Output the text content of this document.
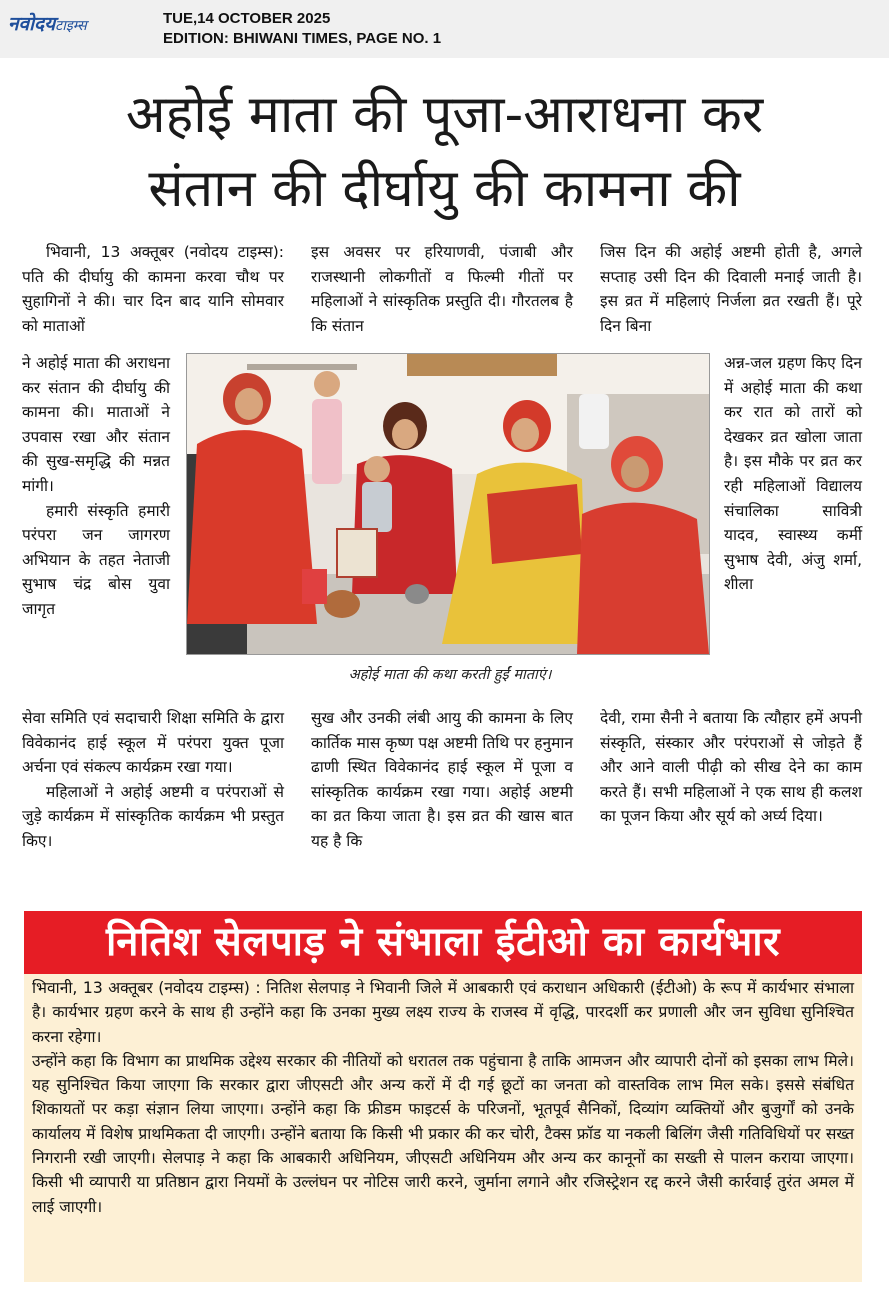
नवोदयटाइम्स	TUE,14 OCTOBER 2025
EDITION: BHIWANI TIMES, PAGE NO. 1
अहोई माता की पूजा-आराधना कर
संतान की दीर्घायु की कामना की

भिवानी, 13 अक्तूबर (नवोदय टाइम्स): पति की दीर्घायु की कामना करवा चौथ पर सुहागिनों ने की। चार दिन बाद यानि सोमवार को माताओं

ने अहोई माता की अराधना कर संतान की दीर्घायु की कामना की। माताओं ने उपवास रखा और संतान की सुख-समृद्धि की मन्नत मांगी।

हमारी संस्कृति हमारी परंपरा जन जागरण अभियान के तहत नेताजी सुभाष चंद्र बोस युवा जागृत

सेवा समिति एवं सदाचारी शिक्षा समिति के द्वारा विवेकानंद हाई स्कूल में परंपरा युक्त पूजा अर्चना एवं संकल्प कार्यक्रम रखा गया।

महिलाओं ने अहोई अष्टमी व परंपराओं से जुड़े कार्यक्रम में सांस्कृतिक कार्यक्रम भी प्रस्तुत किए।

इस अवसर पर हरियाणवी, पंजाबी और राजस्थानी लोकगीतों व फिल्मी गीतों पर महिलाओं ने सांस्कृतिक प्रस्तुति दी। गौरतलब है कि संतान

सुख और उनकी लंबी आयु की कामना के लिए कार्तिक मास कृष्ण पक्ष अष्टमी तिथि पर हनुमान ढाणी स्थित विवेकानंद हाई स्कूल में पूजा व सांस्कृतिक कार्यक्रम रखा गया। अहोई अष्टमी का व्रत किया जाता है। इस व्रत की खास बात यह है कि

जिस दिन की अहोई अष्टमी होती है, अगले सप्ताह उसी दिन की दिवाली मनाई जाती है। इस व्रत में महिलाएं निर्जला व्रत रखती हैं। पूरे दिन बिना

अन्न-जल ग्रहण किए दिन में अहोई माता की कथा कर रात को तारों को देखकर व्रत खोला जाता है। इस मौके पर व्रत कर रही महिलाओं विद्यालय संचालिका सावित्री यादव, स्वास्थ्य कर्मी सुभाष देवी, अंजु शर्मा, शीला

देवी, रामा सैनी ने बताया कि त्यौहार हमें अपनी संस्कृति, संस्कार और परंपराओं से जोड़ते हैं और आने वाली पीढ़ी को सीख देने का काम करते हैं। सभी महिलाओं ने एक साथ ही कलश का पूजन किया और सूर्य को अर्घ्य दिया।

अहोई माता की कथा करती हुईं माताएं।
नितिश सेलपाड़ ने संभाला ईटीओ का कार्यभार

भिवानी, 13 अक्तूबर (नवोदय टाइम्स) : नितिश सेलपाड़ ने भिवानी जिले में आबकारी एवं कराधान अधिकारी (ईटीओ) के रूप में कार्यभार संभाला है। कार्यभार ग्रहण करने के साथ ही उन्होंने कहा कि उनका मुख्य लक्ष्य राज्य के राजस्व में वृद्धि, पारदर्शी कर प्रणाली और जन सुविधा सुनिश्चित करना रहेगा।

उन्होंने कहा कि विभाग का प्राथमिक उद्देश्य सरकार की नीतियों को धरातल तक पहुंचाना है ताकि आमजन और व्यापारी दोनों को इसका लाभ मिले। यह सुनिश्चित किया जाएगा कि सरकार द्वारा जीएसटी और अन्य करों में दी गई छूटों का जनता को वास्तविक लाभ मिल सके। इससे संबंधित शिकायतों पर कड़ा संज्ञान लिया जाएगा। उन्होंने कहा कि फ्रीडम फाइटर्स के परिजनों, भूतपूर्व सैनिकों, दिव्यांग व्यक्तियों और बुजुर्गों को उनके कार्यालय में विशेष प्राथमिकता दी जाएगी। उन्होंने बताया कि किसी भी प्रकार की कर चोरी, टैक्स फ्रॉड या नकली बिलिंग जैसी गतिविधियों पर सख्त निगरानी रखी जाएगी। सेलपाड़ ने कहा कि आबकारी अधिनियम, जीएसटी अधिनियम और अन्य कर कानूनों का सख्ती से पालन कराया जाएगा। किसी भी व्यापारी या प्रतिष्ठान द्वारा नियमों के उल्लंघन पर नोटिस जारी करने, जुर्माना लगाने और रजिस्ट्रेशन रद्द करने जैसी कार्रवाई तुरंत अमल में लाई जाएगी।
